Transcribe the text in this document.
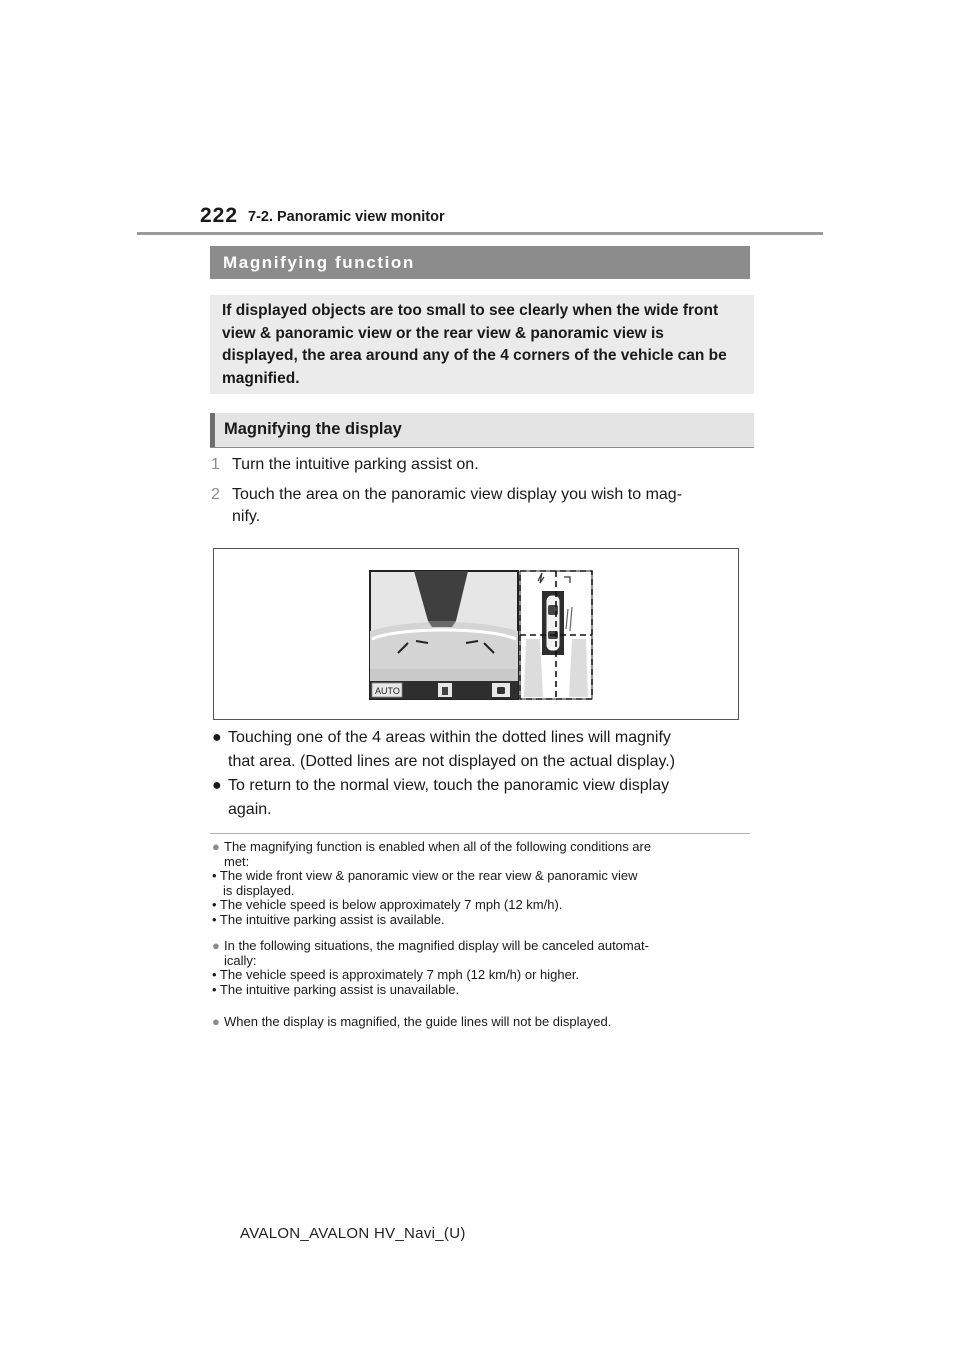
222 7-2. Panoramic view monitor
Magnifying function
If displayed objects are too small to see clearly when the wide front view & panoramic view or the rear view & panoramic view is displayed, the area around any of the 4 corners of the vehicle can be magnified.
Magnifying the display
1 Turn the intuitive parking assist on.
2 Touch the area on the panoramic view display you wish to mag-
nify.
AUTO
● Touching one of the 4 areas within the dotted lines will magnify
that area. (Dotted lines are not displayed on the actual display.)
● To return to the normal view, touch the panoramic view display
again.
● The magnifying function is enabled when all of the following conditions are
met:
• The wide front view & panoramic view or the rear view & panoramic view
is displayed.
• The vehicle speed is below approximately 7 mph (12 km/h).
• The intuitive parking assist is available.
● In the following situations, the magnified display will be canceled automat-
ically:
• The vehicle speed is approximately 7 mph (12 km/h) or higher.
• The intuitive parking assist is unavailable.
● When the display is magnified, the guide lines will not be displayed.
AVALON_AVALON HV_Navi_(U)
